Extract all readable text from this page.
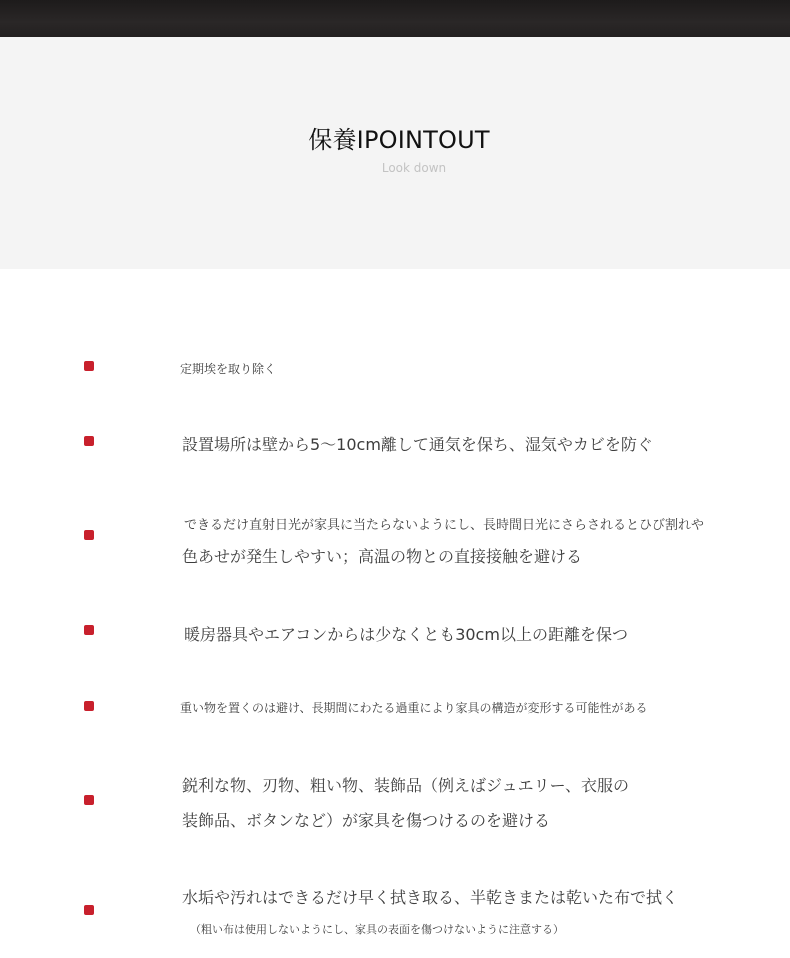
保養IPOINTOUT
Look down
定期埃を取り除く
設置場所は壁から5～10cm離して通気を保ち、湿気やカビを防ぐ
できるだけ直射日光が家具に当たらないようにし、長時間日光にさらされるとひび割れや
色あせが発生しやすい；高温の物との直接接触を避ける
暖房器具やエアコンからは少なくとも30cm以上の距離を保つ
重い物を置くのは避け、長期間にわたる過重により家具の構造が変形する可能性がある
鋭利な物、刃物、粗い物、装飾品（例えばジュエリー、衣服の
装飾品、ボタンなど）が家具を傷つけるのを避ける
水垢や汚れはできるだけ早く拭き取る、半乾きまたは乾いた布で拭く
（粗い布は使用しないようにし、家具の表面を傷つけないように注意する）
